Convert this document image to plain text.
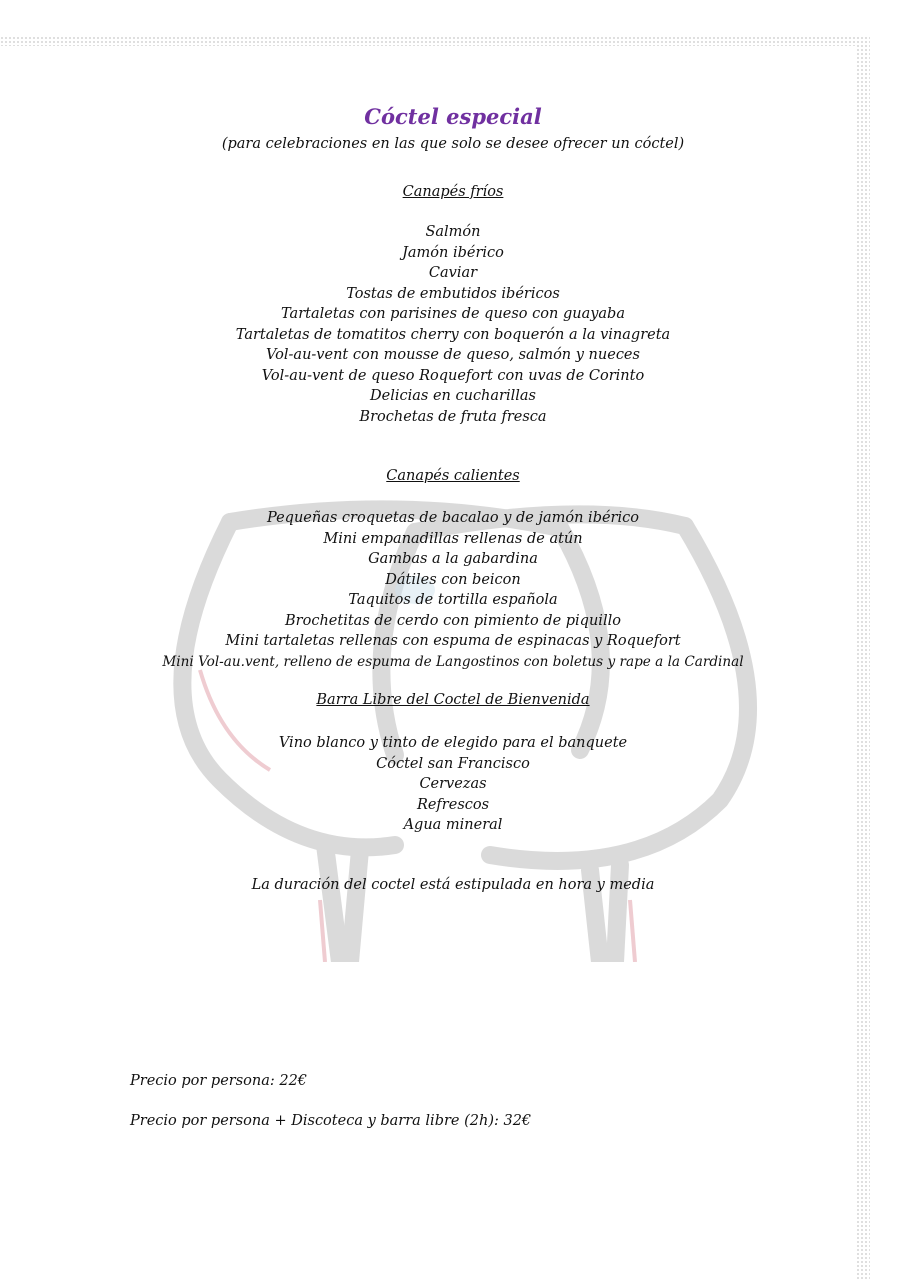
Cóctel especial
(para celebraciones en las que solo se desee ofrecer un cóctel)
Canapés fríos
Salmón
Jamón ibérico
Caviar
Tostas de embutidos ibéricos
Tartaletas con parisines de queso con guayaba
Tartaletas de tomatitos cherry con boquerón a la vinagreta
Vol-au-vent con mousse de queso, salmón y nueces
Vol-au-vent de queso Roquefort con uvas de Corinto
Delicias en cucharillas
Brochetas de fruta fresca
Canapés calientes
Pequeñas croquetas de bacalao y de jamón ibérico
Mini empanadillas rellenas de atún
Gambas a la gabardina
Dátiles con beicon
Taquitos de tortilla española
Brochetitas de cerdo con pimiento de piquillo
Mini tartaletas rellenas con espuma de espinacas y Roquefort
Mini Vol-au.vent, relleno de espuma de Langostinos con boletus y rape a la Cardinal
Barra Libre del Coctel de Bienvenida
Vino blanco y tinto de elegido para el banquete
Cóctel san Francisco
Cervezas
Refrescos
Agua mineral
La duración del coctel está estipulada en hora y media
Precio por persona: 22€
Precio por persona + Discoteca y barra libre (2h): 32€
